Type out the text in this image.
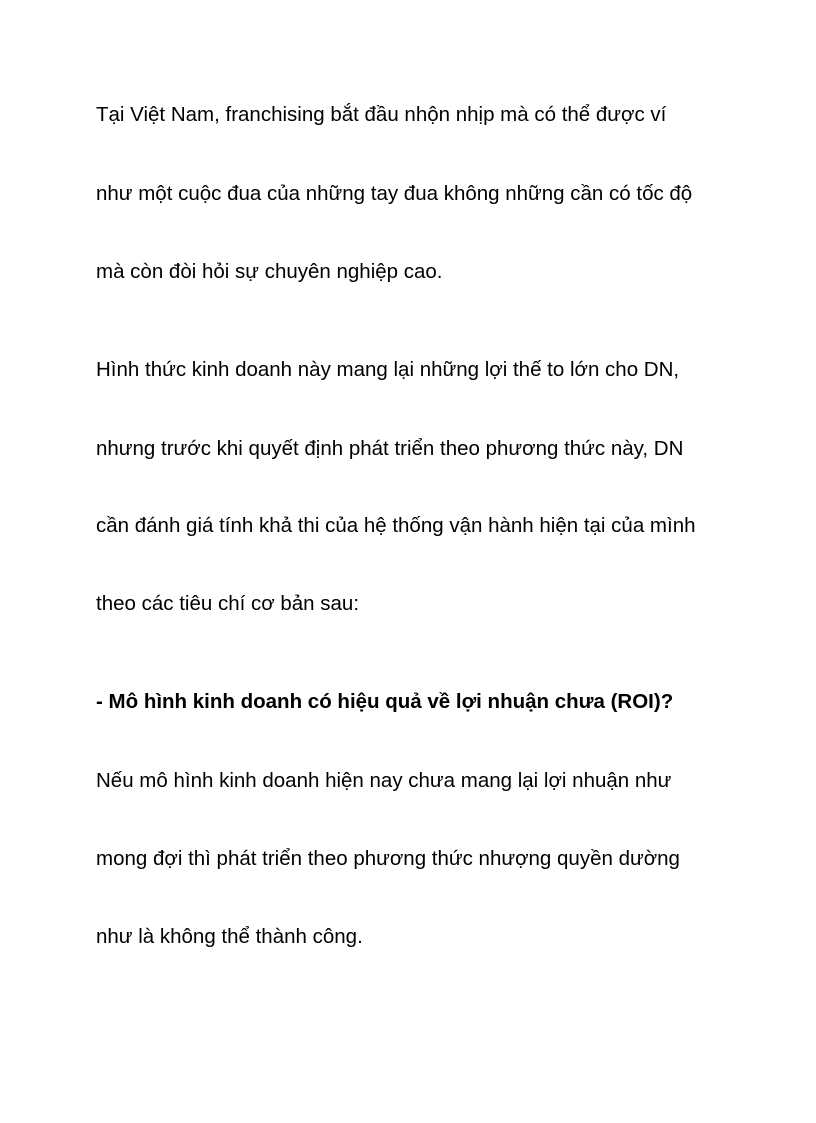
Tại Việt Nam, franchising bắt đầu nhộn nhịp mà có thể được ví
như một cuộc đua của những tay đua không những cần có tốc độ
mà còn đòi hỏi sự chuyên nghiệp cao.
Hình thức kinh doanh này mang lại những lợi thế to lớn cho DN,
nhưng trước khi quyết định phát triển theo phương thức này, DN
cần đánh giá tính khả thi của hệ thống vận hành hiện tại của mình
theo các tiêu chí cơ bản sau:
- Mô hình kinh doanh có hiệu quả về lợi nhuận chưa (ROI)?
Nếu mô hình kinh doanh hiện nay chưa mang lại lợi nhuận như
mong đợi thì phát triển theo phương thức nhượng quyền dường
như là không thể thành công.
